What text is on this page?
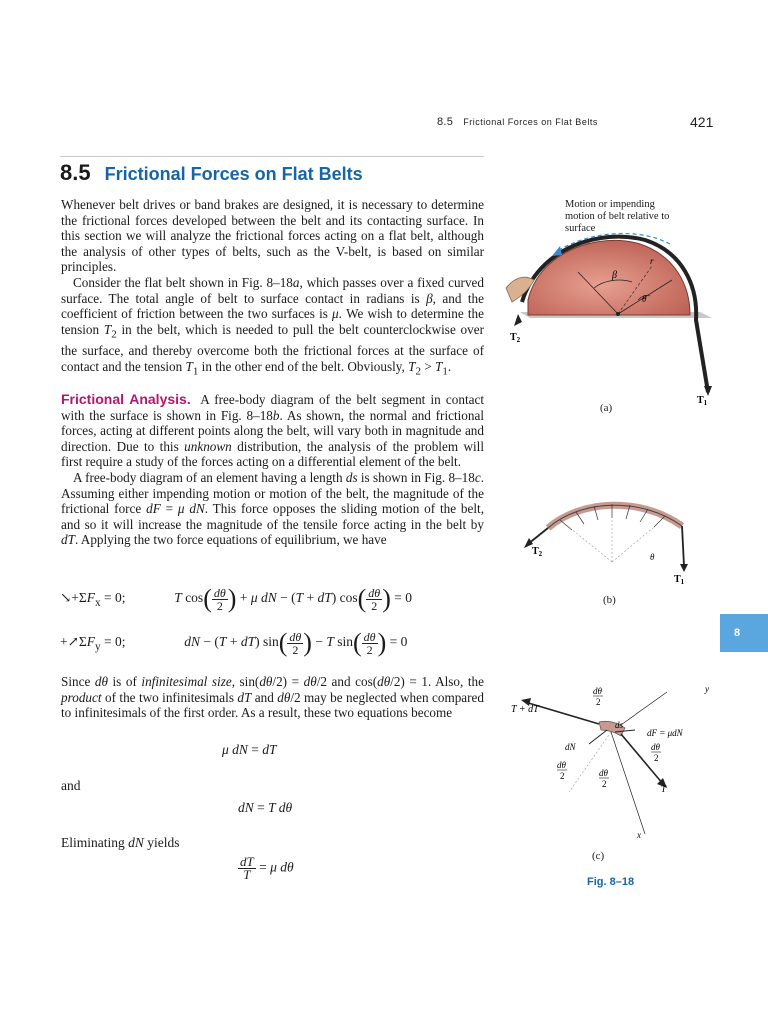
8.5 Frictional Forces on Flat Belts	421
8.5 Frictional Forces on Flat Belts

Whenever belt drives or band brakes are designed, it is necessary to determine the frictional forces developed between the belt and its contacting surface. In this section we will analyze the frictional forces acting on a flat belt, although the analysis of other types of belts, such as the V-belt, is based on similar principles.

Consider the flat belt shown in Fig. 8–18a, which passes over a fixed curved surface. The total angle of belt to surface contact in radians is β, and the coefficient of friction between the two surfaces is μ. We wish to determine the tension $T_2$ in the belt, which is needed to pull the belt counterclockwise over the surface, and thereby overcome both the frictional forces at the surface of contact and the tension $T_1$ in the other end of the belt. Obviously, $T_2 > T_1$.

Frictional Analysis.  A free-body diagram of the belt segment in contact with the surface is shown in Fig. 8–18b. As shown, the normal and frictional forces, acting at different points along the belt, will vary both in magnitude and direction. Due to this unknown distribution, the analysis of the problem will first require a study of the forces acting on a differential element of the belt.

A free-body diagram of an element having a length ds is shown in Fig. 8–18c. Assuming either impending motion or motion of the belt, the magnitude of the frictional force dF = μ dN. This force opposes the sliding motion of the belt, and so it will increase the magnitude of the tensile force acting in the belt by dT. Applying the two force equations of equilibrium, we have

$↘+\Sigma F_x = 0$;	T $\cos( \frac{d\theta}{2}$ ) + μ dN − (T + dT) $\cos( \frac{d\theta}{2}$ ) = 0
$+↗\Sigma F_y = 0$;	dN − (T + dT) $\sin( \frac{d\theta}{2}$ ) − T $\sin( \frac{d\theta}{2}$ ) = 0

Since dθ is of infinitesimal size, sin(dθ/2) = dθ/2 and cos(dθ/2) = 1. Also, the product of the two infinitesimals dT and dθ/2 may be neglected when compared to infinitesimals of the first order. As a result, these two equations become

μ dN = dT
and
dN = T dθ
Eliminating dN yields
$\frac{dT}{T} = \mu$ dθ
8
Motion or impending motion of belt relative to surface
β
θ
r
$T_2$
$T_1$
(a)
$T_2$
$T_1$
θ
(b)
T + dT
dθ
2
y
ds
dF = μdN
dN	dθ
2
dθ
2	dθ
2	T
x
(c)
Fig. 8–18
